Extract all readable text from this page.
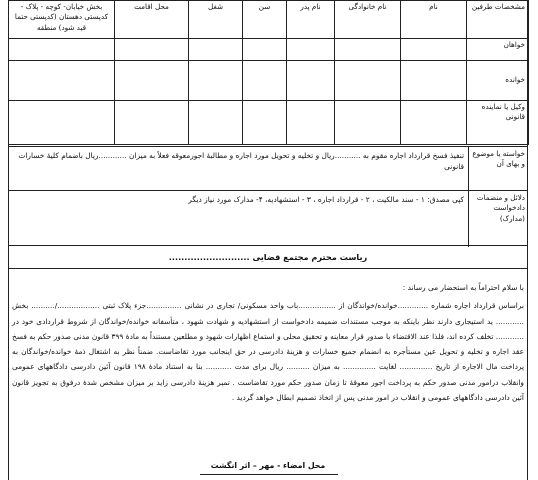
مشخصات طرفین	نام	نام خانوادگی	نام پدر	سن	شغل	محل اقامت	بخش خیابان- کوچه - پلاک - کدپستی دهستان (کدپستی حتما قید شود) منطقه
خواهان							
خوانده							
وکیل یا نماینده قانونی							
خواسته یا موضوع و بهای آن
تنفیذ فسخ قرارداد اجاره مقوم به ...........ریال و تخلیه و تحویل مورد اجاره و مطالبهٔ اجورمعوقه فعلاً به میزان ............ریال باضمام کلیهٔ خسارات قانونی
دلائل و منضمات دادخواست (مدارک)
کپی مصدق: ۱ - سند مالکیت ، ۲ - قرارداد اجاره ، ۳ - استشهادیه، ۴- مدارک مورد نیاز دیگر
ریاست محترم مجتمع قضایی ..........................

با سلام احتراماً به استحضار می رساند :

براساس قرارداد اجاره شماره .............خوانده/خواندگان از ................باب واحد مسکونی/ تجاری در نشانی ...............جزء پلاک ثبتی ................../.......... بخش ............ ید استیجاری دارند نظر باینکه به موجب مستندات ضمیمه دادخواست از استشهادیه و شهادت شهود ، متأسفانه خوانده/خواندگان از شروط قراردادی خود در ............ تخلف کرده اند، فلذا عند الاقتضاء با صدور قرار معاینه و تحقیق محلی و استماع اظهارات شهود و مطلعین مستنداً به مادهٔ ۳۹۹ قانون مدنی صدور حکم به فسخ عقد اجاره و تخلیه و تحویل عین مستأجره به انضمام جمیع خسارات و هزینهٔ دادرسی در حق اینجانب مورد تقاضاست. ضمناً نظر به اشتغال ذمهٔ خوانده/خواندگان به پرداخت مال الاجاره از تاریخ .............. لغایت .............. به میزان .......... ریال برای مدت ........... بنا به استناد مادهٔ ۱۹۸ قانون آئین دادرسی دادگاههای عمومی وانقلاب درامور مدنی صدور حکم به پرداخت اجور معوقهٔ تا زمان صدور حکم مورد تقاضاست . تمبر هزینهٔ دادرسی زاید بر میزان مشخص شدهٔ درفوق به تجویز قانون آئین دادرسی دادگاههای عمومی و انقلاب در امور مدنی پس از اتخاذ تصمیم ابطال خواهد گردید .

محل امضاء - مهر – اثر انگشت
